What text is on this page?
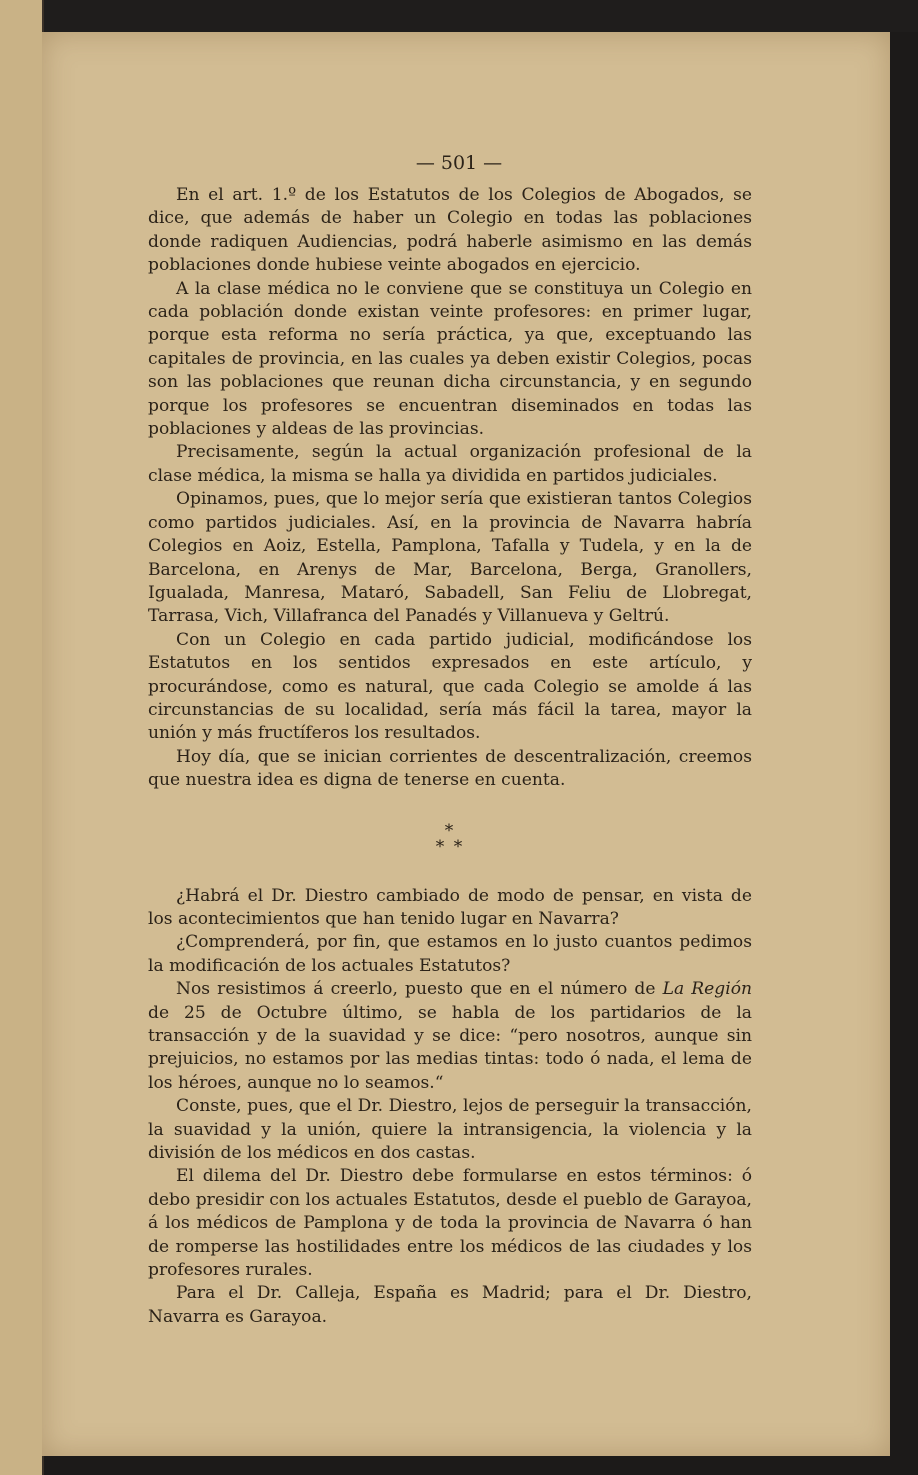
— 501 —

En el art. 1.º de los Estatutos de los Colegios de Abogados, se dice, que además de haber un Colegio en todas las poblaciones donde radiquen Audiencias, podrá haberle asimismo en las demás poblaciones donde hubiese veinte abogados en ejercicio.

A la clase médica no le conviene que se constituya un Colegio en cada población donde existan veinte profesores: en primer lugar, porque esta reforma no sería práctica, ya que, exceptuando las capitales de provincia, en las cuales ya deben existir Colegios, pocas son las poblaciones que reunan dicha circunstancia, y en segundo porque los profesores se encuentran diseminados en todas las poblaciones y aldeas de las provincias.

Precisamente, según la actual organización profesional de la clase médica, la misma se halla ya dividida en partidos judiciales.

Opinamos, pues, que lo mejor sería que existieran tantos Colegios como partidos judiciales. Así, en la provincia de Navarra habría Colegios en Aoiz, Estella, Pamplona, Tafalla y Tudela, y en la de Barcelona, en Arenys de Mar, Barcelona, Berga, Granollers, Igualada, Manresa, Mataró, Sabadell, San Feliu de Llobregat, Tarrasa, Vich, Villafranca del Panadés y Villanueva y Geltrú.

Con un Colegio en cada partido judicial, modificándose los Estatutos en los sentidos expresados en este artículo, y procurándose, como es natural, que cada Colegio se amolde á las circunstancias de su localidad, sería más fácil la tarea, mayor la unión y más fructíferos los resultados.

Hoy día, que se inician corrientes de descentralización, creemos que nuestra idea es digna de tenerse en cuenta.

*
* *

¿Habrá el Dr. Diestro cambiado de modo de pensar, en vista de los acontecimientos que han tenido lugar en Navarra?

¿Comprenderá, por fin, que estamos en lo justo cuantos pedimos la modificación de los actuales Estatutos?

Nos resistimos á creerlo, puesto que en el número de La Región de 25 de Octubre último, se habla de los partidarios de la transacción y de la suavidad y se dice: “pero nosotros, aunque sin prejuicios, no estamos por las medias tintas: todo ó nada, el lema de los héroes, aunque no lo seamos.“

Conste, pues, que el Dr. Diestro, lejos de perseguir la transacción, la suavidad y la unión, quiere la intransigencia, la violencia y la división de los médicos en dos castas.

El dilema del Dr. Diestro debe formularse en estos términos: ó debo presidir con los actuales Estatutos, desde el pueblo de Garayoa, á los médicos de Pamplona y de toda la provincia de Navarra ó han de romperse las hostilidades entre los médicos de las ciudades y los profesores rurales.

Para el Dr. Calleja, España es Madrid; para el Dr. Diestro, Navarra es Garayoa.
